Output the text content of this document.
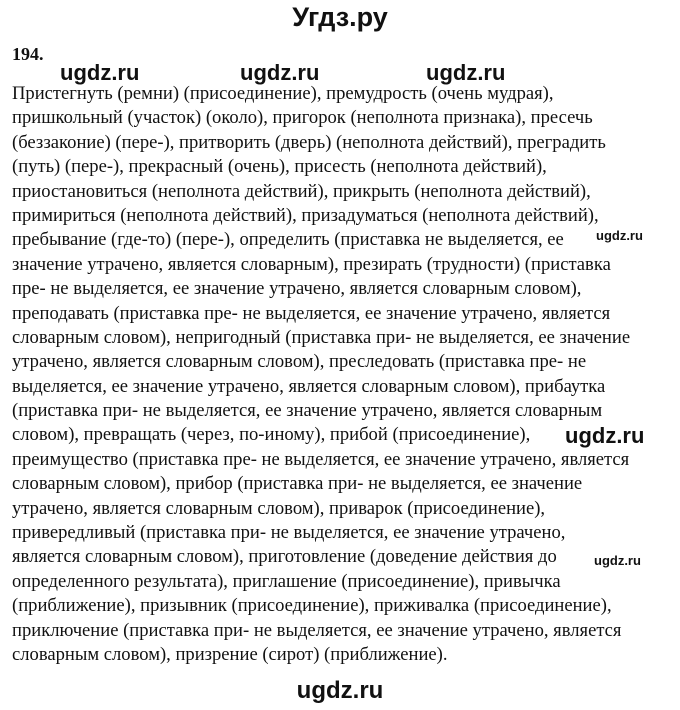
Угдз.ру
194.
Пристегнуть (ремни) (присоединение), премудрость (очень мудрая),
пришкольный (участок) (около), пригорок (неполнота признака), пресечь
(беззаконие) (пере-), притворить (дверь) (неполнота действий), преградить
(путь) (пере-), прекрасный (очень), присесть (неполнота действий),
приостановиться (неполнота действий), прикрыть (неполнота действий),
примириться (неполнота действий), призадуматься (неполнота действий),
пребывание (где-то) (пере-), определить (приставка не выделяется, ее
значение утрачено, является словарным), презирать (трудности) (приставка
пре- не выделяется, ее значение утрачено, является словарным словом),
преподавать (приставка пре- не выделяется, ее значение утрачено, является
словарным словом), непригодный (приставка при- не выделяется, ее значение
утрачено, является словарным словом), преследовать (приставка пре- не
выделяется, ее значение утрачено, является словарным словом), прибаутка
(приставка при- не выделяется, ее значение утрачено, является словарным
словом), превращать (через, по-иному), прибой (присоединение),
преимущество (приставка пре- не выделяется, ее значение утрачено, является
словарным словом), прибор (приставка при- не выделяется, ее значение
утрачено, является словарным словом), приварок (присоединение),
привередливый (приставка при- не выделяется, ее значение утрачено,
является словарным словом), приготовление (доведение действия до
определенного результата), приглашение (присоединение), привычка
(приближение), призывник (присоединение), приживалка (присоединение),
приключение (приставка при- не выделяется, ее значение утрачено, является
словарным словом), призрение (сирот) (приближение).
ugdz.ru	ugdz.ru	ugdz.ru
ugdz.ru
ugdz.ru
ugdz.ru
ugdz.ru
